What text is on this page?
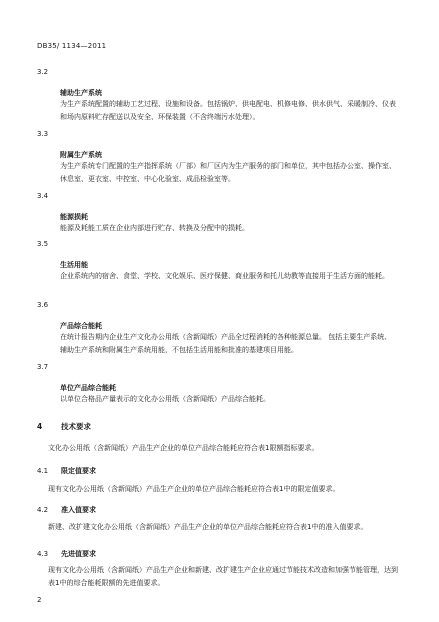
DB35/ 1134—2011
3.2
辅助生产系统

为生产系统配置的辅助工艺过程、设施和设备。包括锅炉、供电配电、机修电修、供水供气、采暖制冷、仪表和场内原料贮存配送以及安全、环保装置（不含终端污水处理）。

3.3
附属生产系统

为生产系统专门配置的生产指挥系统（厂部）和厂区内为生产服务的部门和单位，其中包括办公室、操作室、休息室、更衣室、中控室、中心化验室、成品检验室等。

3.4
能源损耗

能源及耗能工质在企业内部进行贮存、转换及分配中的损耗。

3.5
生活用能

企业系统内的宿舍、食堂、学校、文化娱乐、医疗保健、商业服务和托儿幼教等直接用于生活方面的能耗。

3.6
产品综合能耗

在统计报告期内企业生产文化办公用纸（含新闻纸）产品全过程消耗的各种能源总量。 包括主要生产系统、辅助生产系统和附属生产系统用能，不包括生活用能和批准的基建项目用能。

3.7
单位产品综合能耗

以单位合格品产量表示的文化办公用纸（含新闻纸）产品综合能耗。

4	技术要求

文化办公用纸（含新闻纸）产品生产企业的单位产品综合能耗应符合表1限额指标要求。

4.1 限定值要求

现有文化办公用纸（含新闻纸）产品生产企业的单位产品综合能耗应符合表1中的限定值要求。

4.2 准入值要求

新建、改扩建文化办公用纸（含新闻纸）产品生产企业的单位产品综合能耗应符合表1中的准入值要求。

4.3 先进值要求

现有文化办公用纸（含新闻纸）产品生产企业和新建、改扩建生产企业应通过节能技术改造和加强节能管理，达到表1中的综合能耗限额的先进值要求。

2
